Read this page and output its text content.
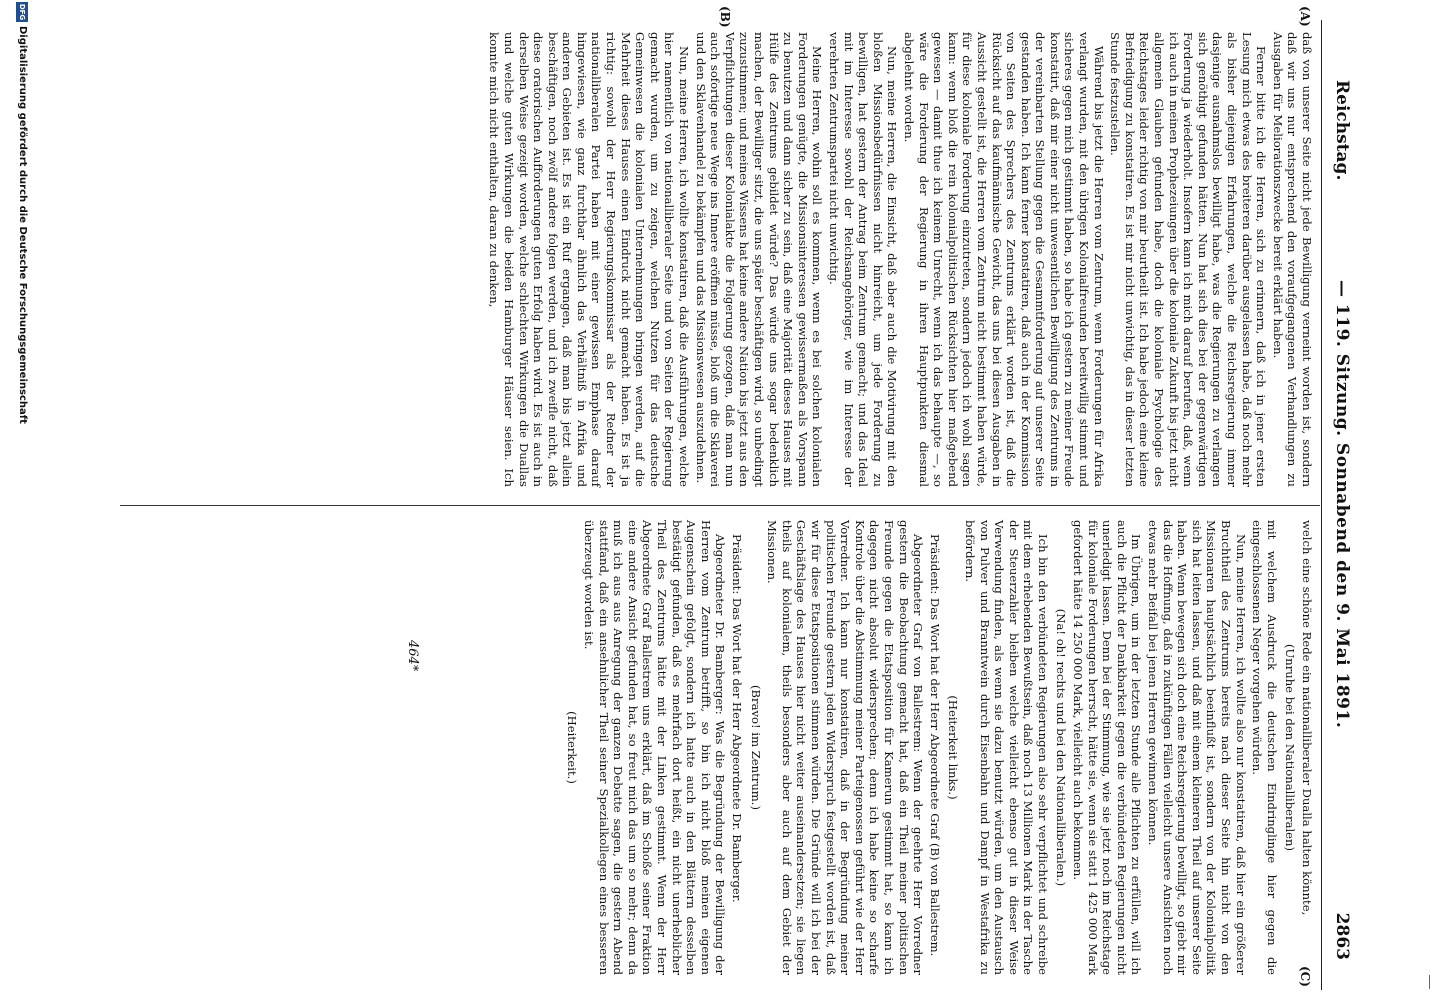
Reichstag.
— 119. Sitzung. Sonnabend den 9. Mai 1891.
2863
(A)
(B)
(C)

daß von unserer Seite nicht jede Bewilligung verneint worden ist, sondern daß wir uns nur entsprechend den voraufgegangenen Verhandlungen zu Ausgaben für Meliorationszwecke bereit erklärt haben.

Ferner bitte ich die Herren, sich zu erinnern, daß ich in jener ersten Lesung mich etwas des breiteren darüber ausgelassen habe, daß noch mehr als bisher diejenigen Erfahrungen, welche die Reichsregierung immer dasjenige ausnahmslos bewilligt habe, was die Regierungen zu verlangen sich genöthigt gefunden hätten. Nun hat sich dies bei der gegenwärtigen Forderung ja wiederholt. Insofern kann ich mich darauf berufen, daß, wenn ich auch in meinen Prophezeiungen über die koloniale Zukunft bis jetzt nicht allgemein Glauben gefunden habe, doch die koloniale Psychologie des Reichstages leider richtig von mir beurtheilt ist. Ich habe jedoch eine kleine Befriedigung zu konstatiren. Es ist mir nicht unwichtig, das in dieser letzten Stunde festzustellen.

Während bis jetzt die Herren vom Zentrum, wenn Forderungen für Afrika verlangt wurden, mit den übrigen Kolonialfreunden bereitwillig stimmt und sicheres gegen mich gestimmt haben, so habe ich gestern zu meiner Freude konstatirt, daß mir einer nicht unwesentlichen Bewilligung des Zentrums in der vereinbarten Stellung gegen die Gesammtforderung auf unserer Seite gestanden haben. Ich kann ferner konstatiren, daß auch in der Kommission von Seiten des Sprechers des Zentrums erklärt worden ist, daß die Rücksicht auf das kaufmännische Gewicht, das uns bei diesen Ausgaben in Aussicht gestellt ist, die Herren vom Zentrum nicht bestimmt haben würde, für diese koloniale Forderung einzutreten, sondern jedoch ich wohl sagen kann: wenn bloß die rein kolonialpolitischen Rücksichten hier maßgebend gewesen — damit thue ich keinem Unrecht, wenn ich das behaupte —, so wäre die Forderung der Regierung in ihren Hauptpunkten diesmal abgelehnt worden.

Nun, meine Herren, die Einsicht, daß aber auch die Motivirung mit den bloßen Missionsbedürfnissen nicht hinreicht, um jede Forderung zu bewilligen, hat gestern der Antrag beim Zentrum gemacht; und das Ideal mit im Interesse sowohl der Reichsangehöriger, wie im Interesse der verehrten Zentrumspartei nicht unwichtig.

Meine Herren, wohin soll es kommen, wenn es bei solchen kolonialen Forderungen genügte, die Missionsinteressen gewissermaßen als Vorspann zu benutzen und dann sicher zu sein, daß eine Majorität dieses Hauses mit Hülfe des Zentrums gebildet würde? Das würde uns sogar bedenklich machen, der Bewilliger sitzt, die uns später beschäftigen wird, so unbedingt zuzustimmen; und meines Wissens hat keine andere Nation bis jetzt aus den Verpflichtungen dieser Kolonialakte die Folgerung gezogen, daß man nun auch sofortige neue Wege ins Innere eröffnen müsse, bloß um die Sklaverei und den Sklavenhandel zu bekämpfen und das Missionswesen auszudehnen.

Nun, meine Herren, ich wollte konstatiren, daß die Ausführungen, welche hier namentlich von nationalliberaler Seite und von Seiten der Regierung gemacht wurden, um zu zeigen, welchen Nutzen für das deutsche Gemeinwesen die kolonialen Unternehmungen bringen werden, auf die Mehrheit dieses Hauses einen Eindruck nicht gemacht haben. Es ist ja richtig: sowohl der Herr Regierungskommissar als der Redner der nationalliberalen Partei haben mit einer gewissen Emphase darauf hingewiesen, wie ganz furchtbar ähnlich das Verhältniß in Afrika und anderen Gebieten ist. Es ist ein Ruf ergangen, daß man bis jetzt allein beschäftigen, noch zwölf andere folgen werden, und ich zweifle nicht, daß diese oratorischen Aufforderungen guten Erfolg haben wird. Es ist auch in derselben Weise gezeigt worden, welche schlechten Wirkungen die Duallas und welche guten Wirkungen die beiden Hamburger Häuser seien. Ich konnte mich nicht enthalten, daran zu denken,

welch eine schöne Rede ein nationalliberaler Dualla halten könnte,

(Unruhe bei den Nationalliberalen)

mit welchem Ausdruck die deutschen Eindringlinge hier gegen die eingeschlossenen Neger vorgehen würden.

Nun, meine Herren, ich wollte also nur konstatiren, daß hier ein größerer Bruchtheil des Zentrums bereits nach dieser Seite hin nicht von den Missionaren hauptsächlich beeinflußt ist, sondern von der Kolonialpolitik sich hat leiten lassen, und daß mit einem kleineren Theil auf unserer Seite haben. Wenn bewegen sich doch eine Reichsregierung bewilligt, so giebt mir das die Hoffnung, daß in zukünftigen Fällen vielleicht unsere Ansichten noch etwas mehr Beifall bei jenen Herren gewinnen können.

Im Übrigen, um in der letzten Stunde alle Pflichten zu erfüllen, will ich auch die Pflicht der Dankbarkeit gegen die verbündeten Regierungen nicht unerledigt lassen. Denn bei der Stimmung, wie sie jetzt noch im Reichstage für koloniale Forderungen herrscht, hätte sie, wenn sie statt 1 425 000 Mark gefordert hätte 14 250 000 Mark, vielleicht auch bekommen.

(Na! oh! rechts und bei den Nationalliberalen.)

Ich bin den verbündeten Regierungen also sehr verpflichtet und schreibe mit dem erhebenden Bewußtsein, daß noch 13 Millionen Mark in der Tasche der Steuerzahler bleiben welche vielleicht ebenso gut in dieser Weise Verwendung finden, als wenn sie dazu benutzt würden, um den Austausch von Pulver und Branntwein durch Eisenbahn und Dampf in Westafrika zu befördern.

(Heiterkeit links.)

Präsident: Das Wort hat der Herr Abgeordnete Graf (B) von Ballestrem.

Abgeordneter Graf von Ballestrem: Wenn der geehrte Herr Vorredner gestern die Beobachtung gemacht hat, daß ein Theil meiner politischen Freunde gegen die Etatsposition für Kamerun gestimmt hat, so kann ich dagegen nicht absolut widersprechen; denn ich habe keine so scharfe Kontrole über die Abstimmung meiner Parteigenossen geführt wie der Herr Vorredner. Ich kann nur konstatiren, daß in der Begründung meiner politischen Freunde gestern jeden Widerspruch festgestellt worden ist, daß wir für diese Etatspositionen stimmen würden. Die Gründe will ich bei der Geschäftslage des Hauses hier nicht weiter auseinandersetzen; sie liegen theils auf kolonialem, theils besonders aber auch auf dem Gebiet der Missionen.

(Bravo! im Zentrum.)

Präsident: Das Wort hat der Herr Abgeordnete Dr. Bamberger.

Abgeordneter Dr. Bamberger: Was die Begründung der Bewilligung der Herren vom Zentrum betrifft, so bin ich nicht bloß meinen eigenen Augenschein gefolgt, sondern ich hatte auch in den Blättern desselben bestätigt gefunden, daß es mehrfach dort heißt, ein nicht unerheblicher Theil des Zentrums hätte mit der Linken gestimmt. Wenn der Herr Abgeordnete Graf Ballestrem uns erklärt, daß im Schoße seiner Fraktion eine andere Ansicht gefunden hat, so freut mich das um so mehr; denn da muß ich aus aus Anregung der ganzen Debatte sagen, die gestern Abend stattfand, daß ein ansehnlicher Theil seiner Spezialkollegen eines besseren überzeugt worden ist.

(Heiterkeit.)

464*
DFG
Digitalisierung gefördert durch die Deutsche Forschungsgemeinschaft
